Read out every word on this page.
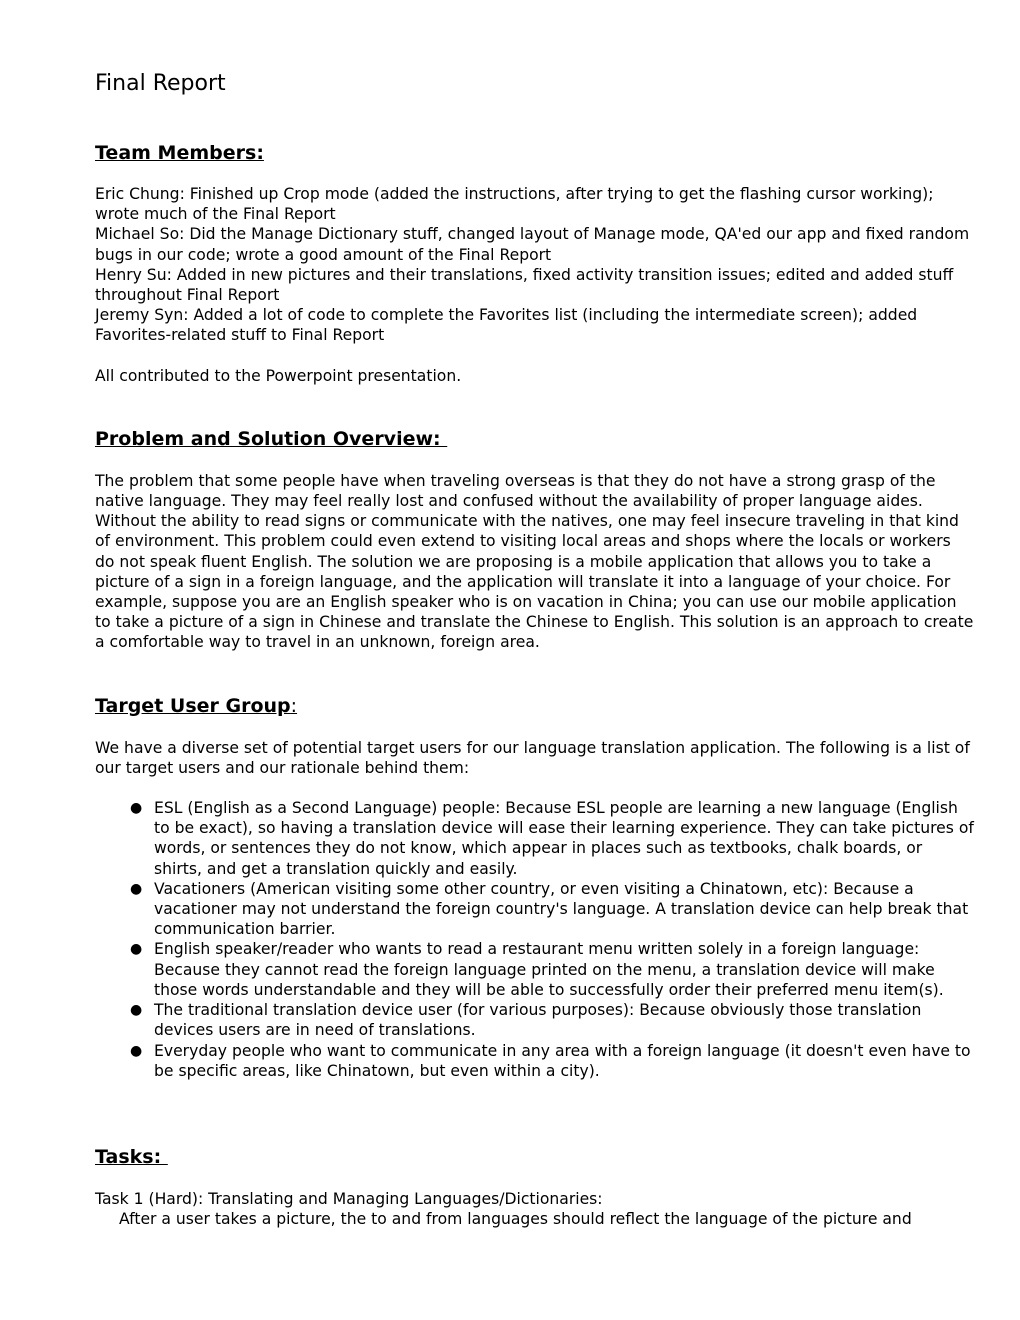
Final Report
Team Members:

Eric Chung: Finished up Crop mode (added the instructions, after trying to get the flashing cursor working); wrote much of the Final Report

Michael So: Did the Manage Dictionary stuff, changed layout of Manage mode, QA'ed our app and fixed random bugs in our code; wrote a good amount of the Final Report

Henry Su: Added in new pictures and their translations, fixed activity transition issues; edited and added stuff throughout Final Report

Jeremy Syn: Added a lot of code to complete the Favorites list (including the intermediate screen); added Favorites-related stuff to Final Report

All contributed to the Powerpoint presentation.

Problem and Solution Overview:

The problem that some people have when traveling overseas is that they do not have a strong grasp of the native language. They may feel really lost and confused without the availability of proper language aides. Without the ability to read signs or communicate with the natives, one may feel insecure traveling in that kind of environment. This problem could even extend to visiting local areas and shops where the locals or workers do not speak fluent English. The solution we are proposing is a mobile application that allows you to take a picture of a sign in a foreign language, and the application will translate it into a language of your choice. For example, suppose you are an English speaker who is on vacation in China; you can use our mobile application to take a picture of a sign in Chinese and translate the Chinese to English. This solution is an approach to create a comfortable way to travel in an unknown, foreign area.

Target User Group:

We have a diverse set of potential target users for our language translation application. The following is a list of our target users and our rationale behind them:

● ESL (English as a Second Language) people: Because ESL people are learning a new language (English to be exact), so having a translation device will ease their learning experience. They can take pictures of words, or sentences they do not know, which appear in places such as textbooks, chalk boards, or shirts, and get a translation quickly and easily.
● Vacationers (American visiting some other country, or even visiting a Chinatown, etc): Because a vacationer may not understand the foreign country's language. A translation device can help break that communication barrier.
● English speaker/reader who wants to read a restaurant menu written solely in a foreign language: Because they cannot read the foreign language printed on the menu, a translation device will make those words understandable and they will be able to successfully order their preferred menu item(s).
● The traditional translation device user (for various purposes): Because obviously those translation devices users are in need of translations.
● Everyday people who want to communicate in any area with a foreign language (it doesn't even have to be specific areas, like Chinatown, but even within a city).
Tasks:

Task 1 (Hard): Translating and Managing Languages/Dictionaries:

After a user takes a picture, the to and from languages should reflect the language of the picture and
